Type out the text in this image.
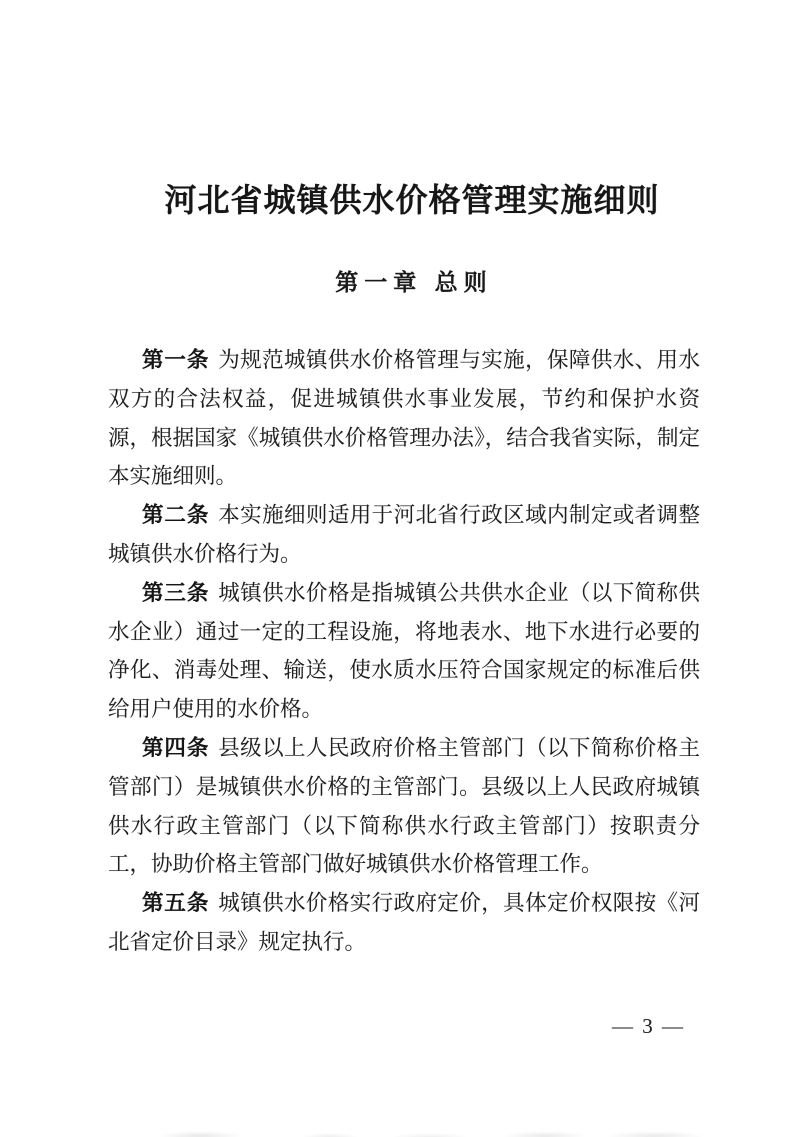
河北省城镇供水价格管理实施细则
第一章 总则

第一条 为规范城镇供水价格管理与实施，保障供水、用水双方的合法权益，促进城镇供水事业发展，节约和保护水资源，根据国家《城镇供水价格管理办法》，结合我省实际，制定本实施细则。

第二条 本实施细则适用于河北省行政区域内制定或者调整城镇供水价格行为。

第三条 城镇供水价格是指城镇公共供水企业（以下简称供水企业）通过一定的工程设施，将地表水、地下水进行必要的净化、消毒处理、输送，使水质水压符合国家规定的标准后供给用户使用的水价格。

第四条 县级以上人民政府价格主管部门（以下简称价格主管部门）是城镇供水价格的主管部门。县级以上人民政府城镇供水行政主管部门（以下简称供水行政主管部门）按职责分工，协助价格主管部门做好城镇供水价格管理工作。

第五条 城镇供水价格实行政府定价，具体定价权限按《河北省定价目录》规定执行。

— 3 —
